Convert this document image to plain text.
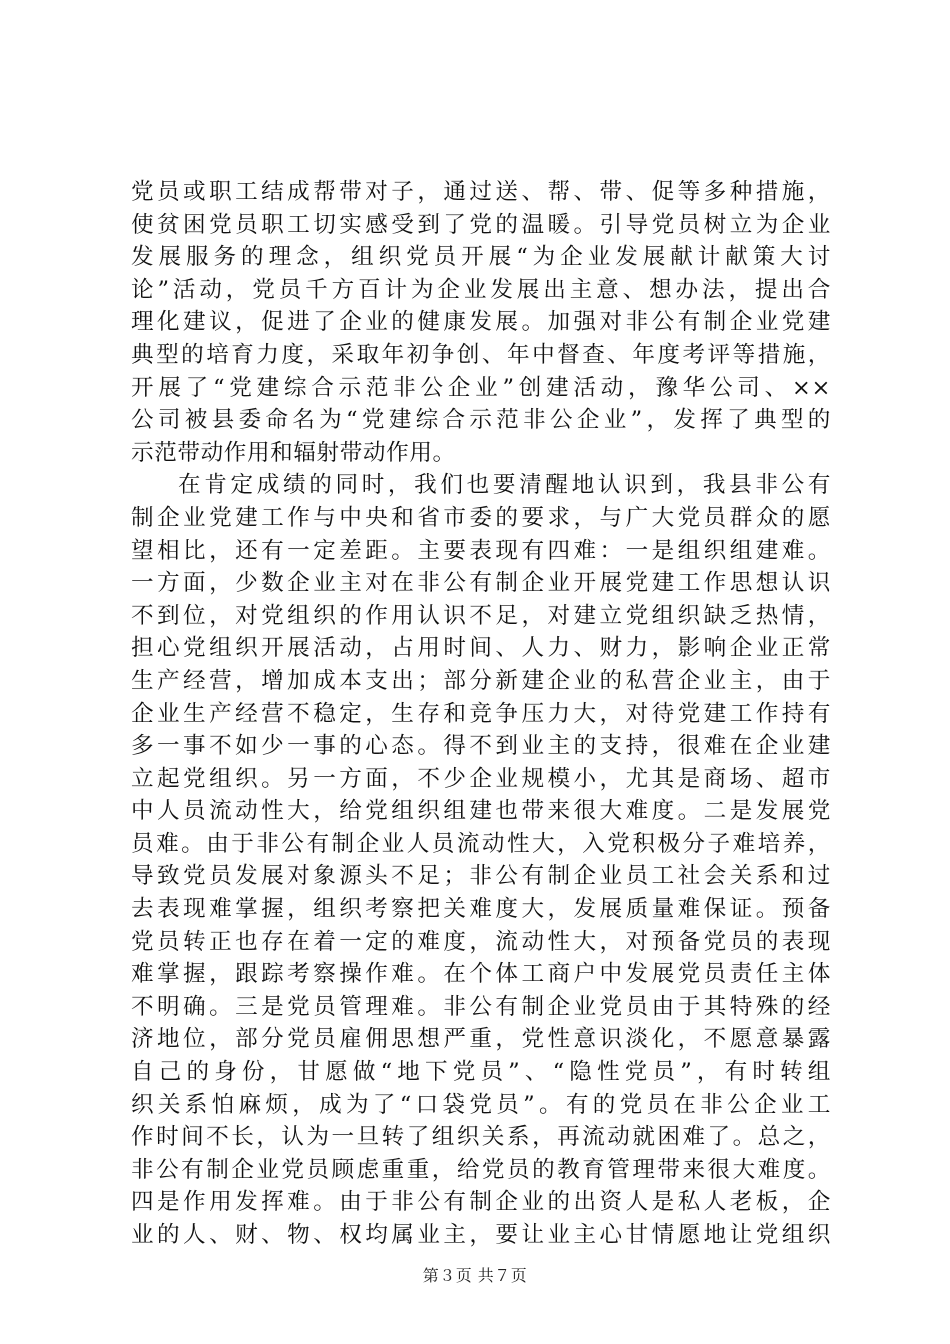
党员或职工结成帮带对子，通过送、帮、带、促等多种措施，
使贫困党员职工切实感受到了党的温暖。引导党员树立为企业
发展服务的理念，组织党员开展“为企业发展献计献策大讨
论”活动，党员千方百计为企业发展出主意、想办法，提出合
理化建议，促进了企业的健康发展。加强对非公有制企业党建
典型的培育力度，采取年初争创、年中督查、年度考评等措施，
开展了“党建综合示范非公企业”创建活动，豫华公司、××
公司被县委命名为“党建综合示范非公企业”，发挥了典型的
示范带动作用和辐射带动作用。
在肯定成绩的同时，我们也要清醒地认识到，我县非公有
制企业党建工作与中央和省市委的要求，与广大党员群众的愿
望相比，还有一定差距。主要表现有四难：一是组织组建难。
一方面，少数企业主对在非公有制企业开展党建工作思想认识
不到位，对党组织的作用认识不足，对建立党组织缺乏热情，
担心党组织开展活动，占用时间、人力、财力，影响企业正常
生产经营，增加成本支出；部分新建企业的私营企业主，由于
企业生产经营不稳定，生存和竞争压力大，对待党建工作持有
多一事不如少一事的心态。得不到业主的支持，很难在企业建
立起党组织。另一方面，不少企业规模小，尤其是商场、超市
中人员流动性大，给党组织组建也带来很大难度。二是发展党
员难。由于非公有制企业人员流动性大，入党积极分子难培养，
导致党员发展对象源头不足；非公有制企业员工社会关系和过
去表现难掌握，组织考察把关难度大，发展质量难保证。预备
党员转正也存在着一定的难度，流动性大，对预备党员的表现
难掌握，跟踪考察操作难。在个体工商户中发展党员责任主体
不明确。三是党员管理难。非公有制企业党员由于其特殊的经
济地位，部分党员雇佣思想严重，党性意识淡化，不愿意暴露
自己的身份，甘愿做“地下党员”、“隐性党员”，有时转组
织关系怕麻烦，成为了“口袋党员”。有的党员在非公企业工
作时间不长，认为一旦转了组织关系，再流动就困难了。总之，
非公有制企业党员顾虑重重，给党员的教育管理带来很大难度。
四是作用发挥难。由于非公有制企业的出资人是私人老板，企
业的人、财、物、权均属业主，要让业主心甘情愿地让党组织
第３页 共７页
